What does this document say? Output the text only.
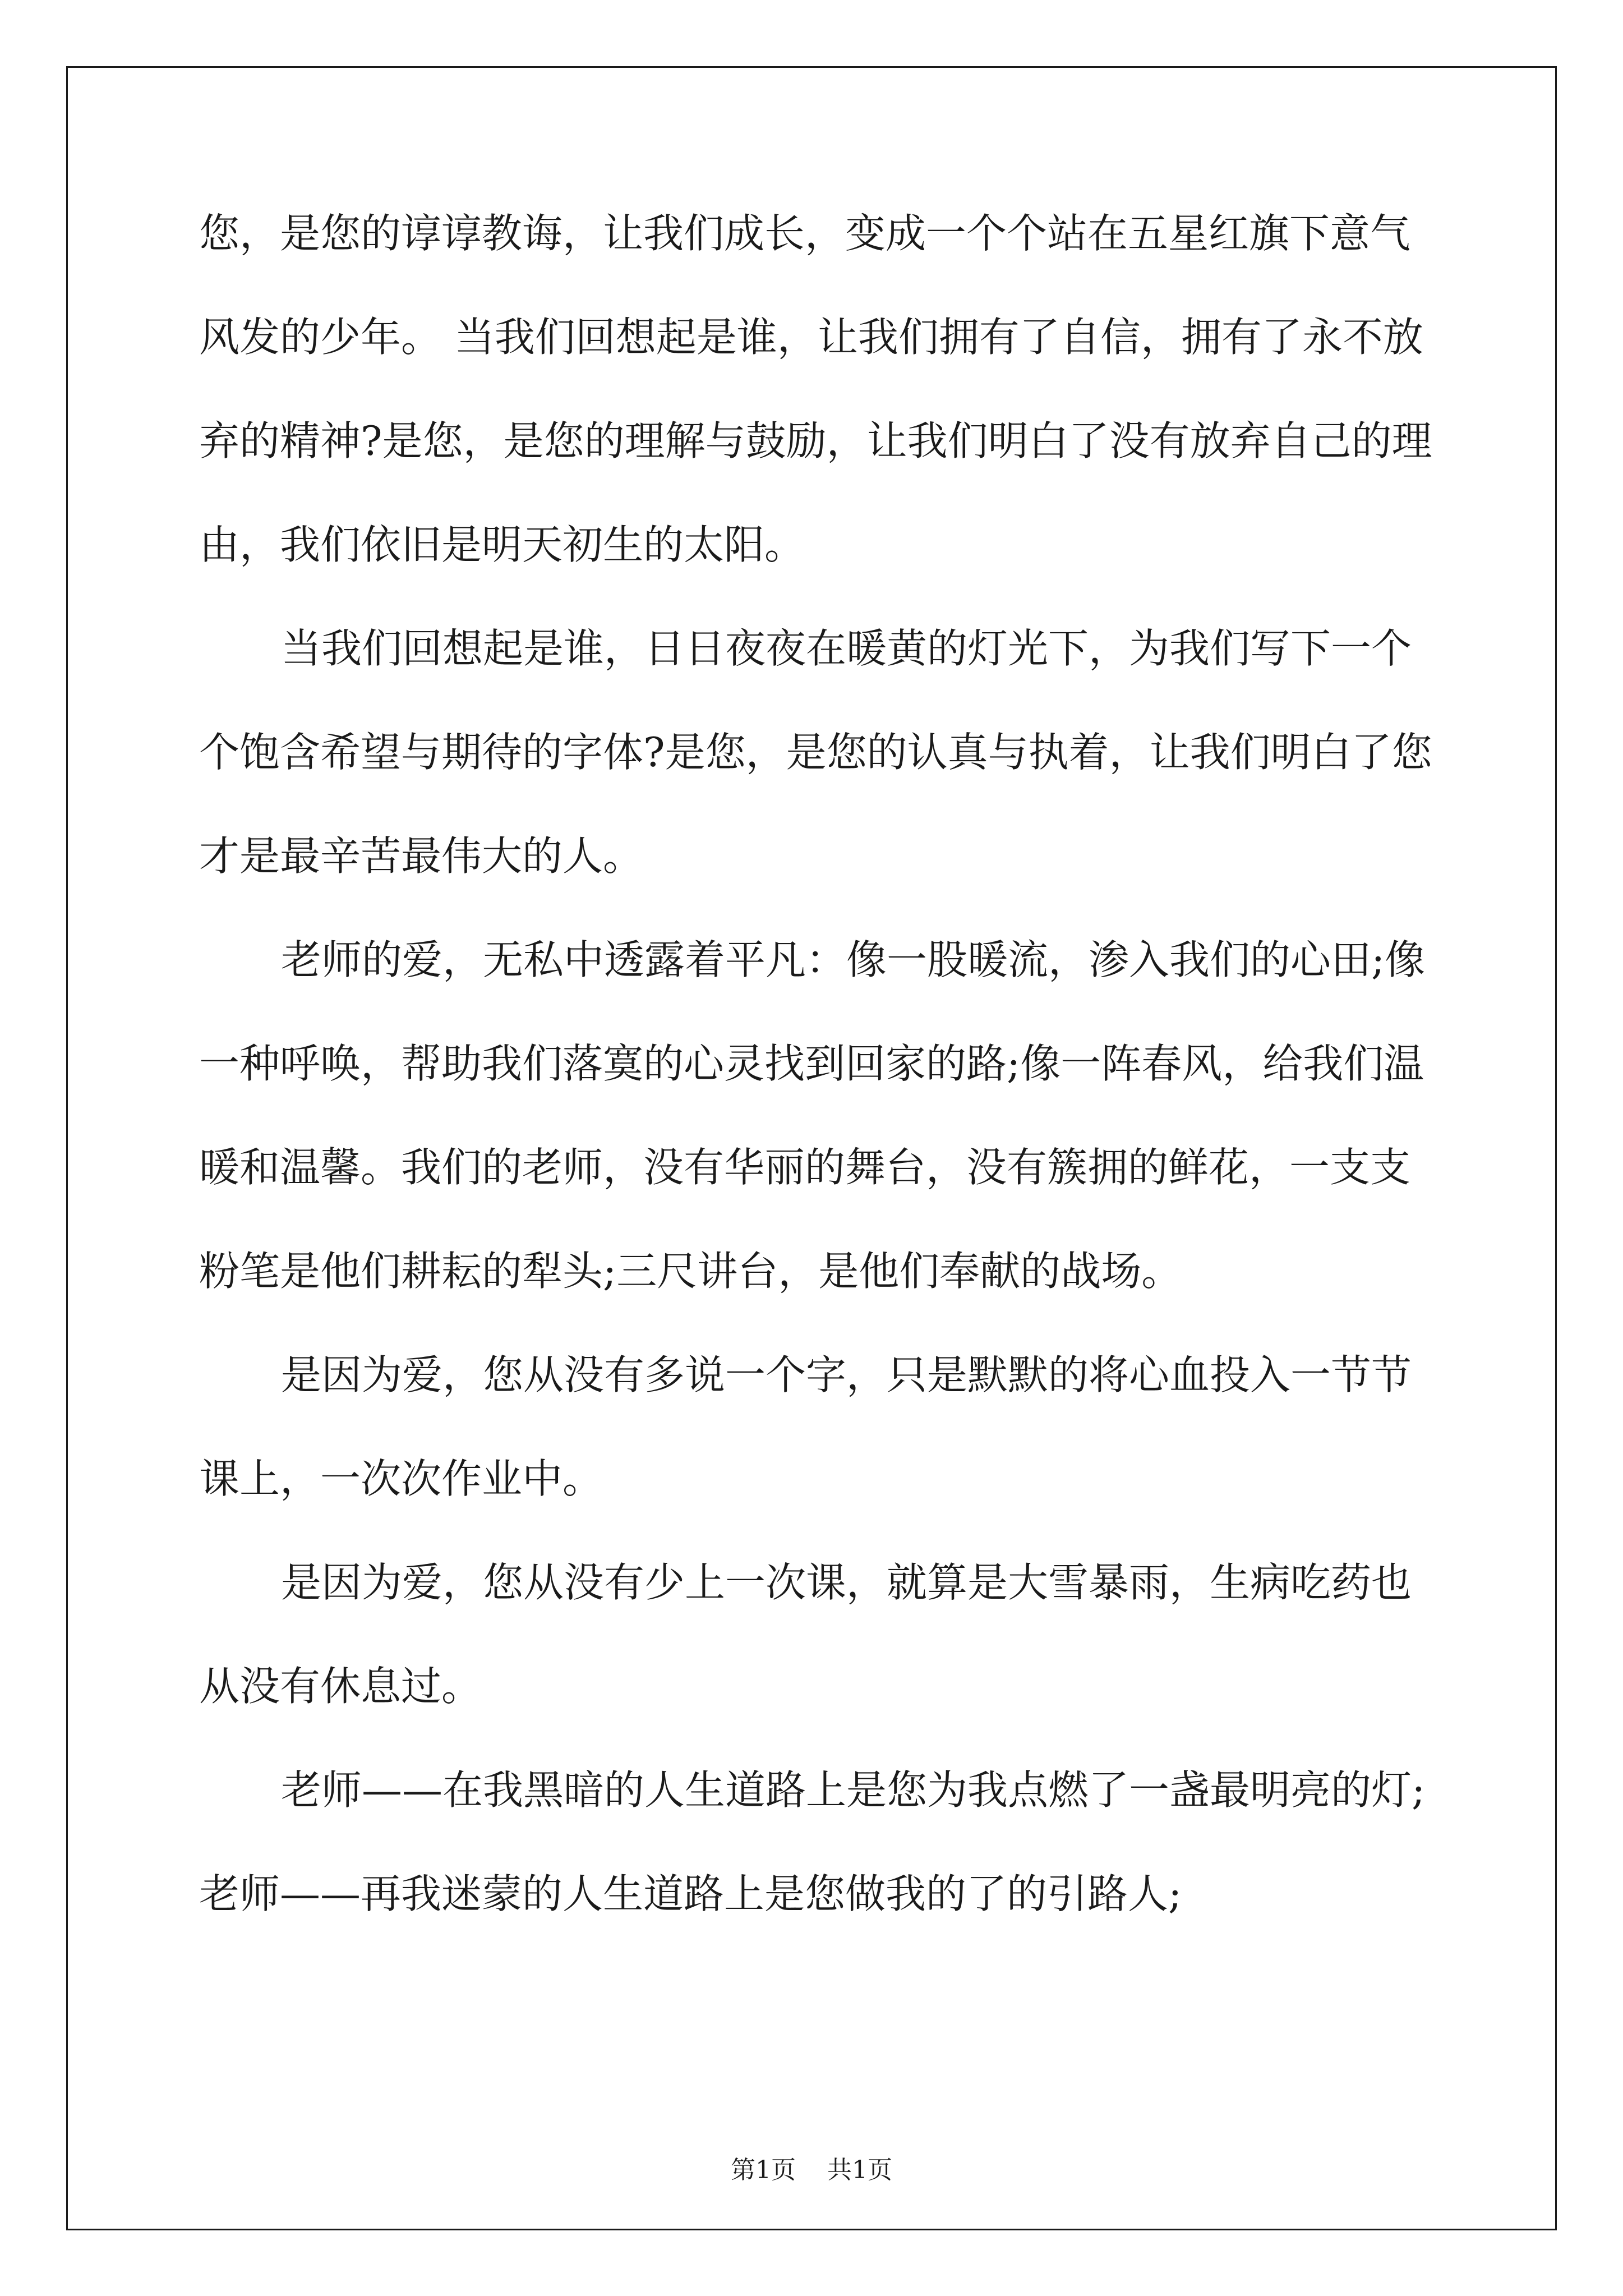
您，是您的谆谆教诲，让我们成长，变成一个个站在五星红旗下意气
风发的少年。 当我们回想起是谁，让我们拥有了自信，拥有了永不放
弃的精神?是您，是您的理解与鼓励，让我们明白了没有放弃自己的理
由，我们依旧是明天初生的太阳。
当我们回想起是谁，日日夜夜在暖黄的灯光下，为我们写下一个
个饱含希望与期待的字体?是您，是您的认真与执着，让我们明白了您
才是最辛苦最伟大的人。
老师的爱，无私中透露着平凡：像一股暖流，渗入我们的心田;像
一种呼唤，帮助我们落寞的心灵找到回家的路;像一阵春风，给我们温
暖和温馨。我们的老师，没有华丽的舞台，没有簇拥的鲜花，一支支
粉笔是他们耕耘的犁头;三尺讲台，是他们奉献的战场。
是因为爱，您从没有多说一个字，只是默默的将心血投入一节节
课上，一次次作业中。
是因为爱，您从没有少上一次课，就算是大雪暴雨，生病吃药也
从没有休息过。
老师——在我黑暗的人生道路上是您为我点燃了一盏最明亮的灯;
老师——再我迷蒙的人生道路上是您做我的了的引路人;
第1页 共1页
